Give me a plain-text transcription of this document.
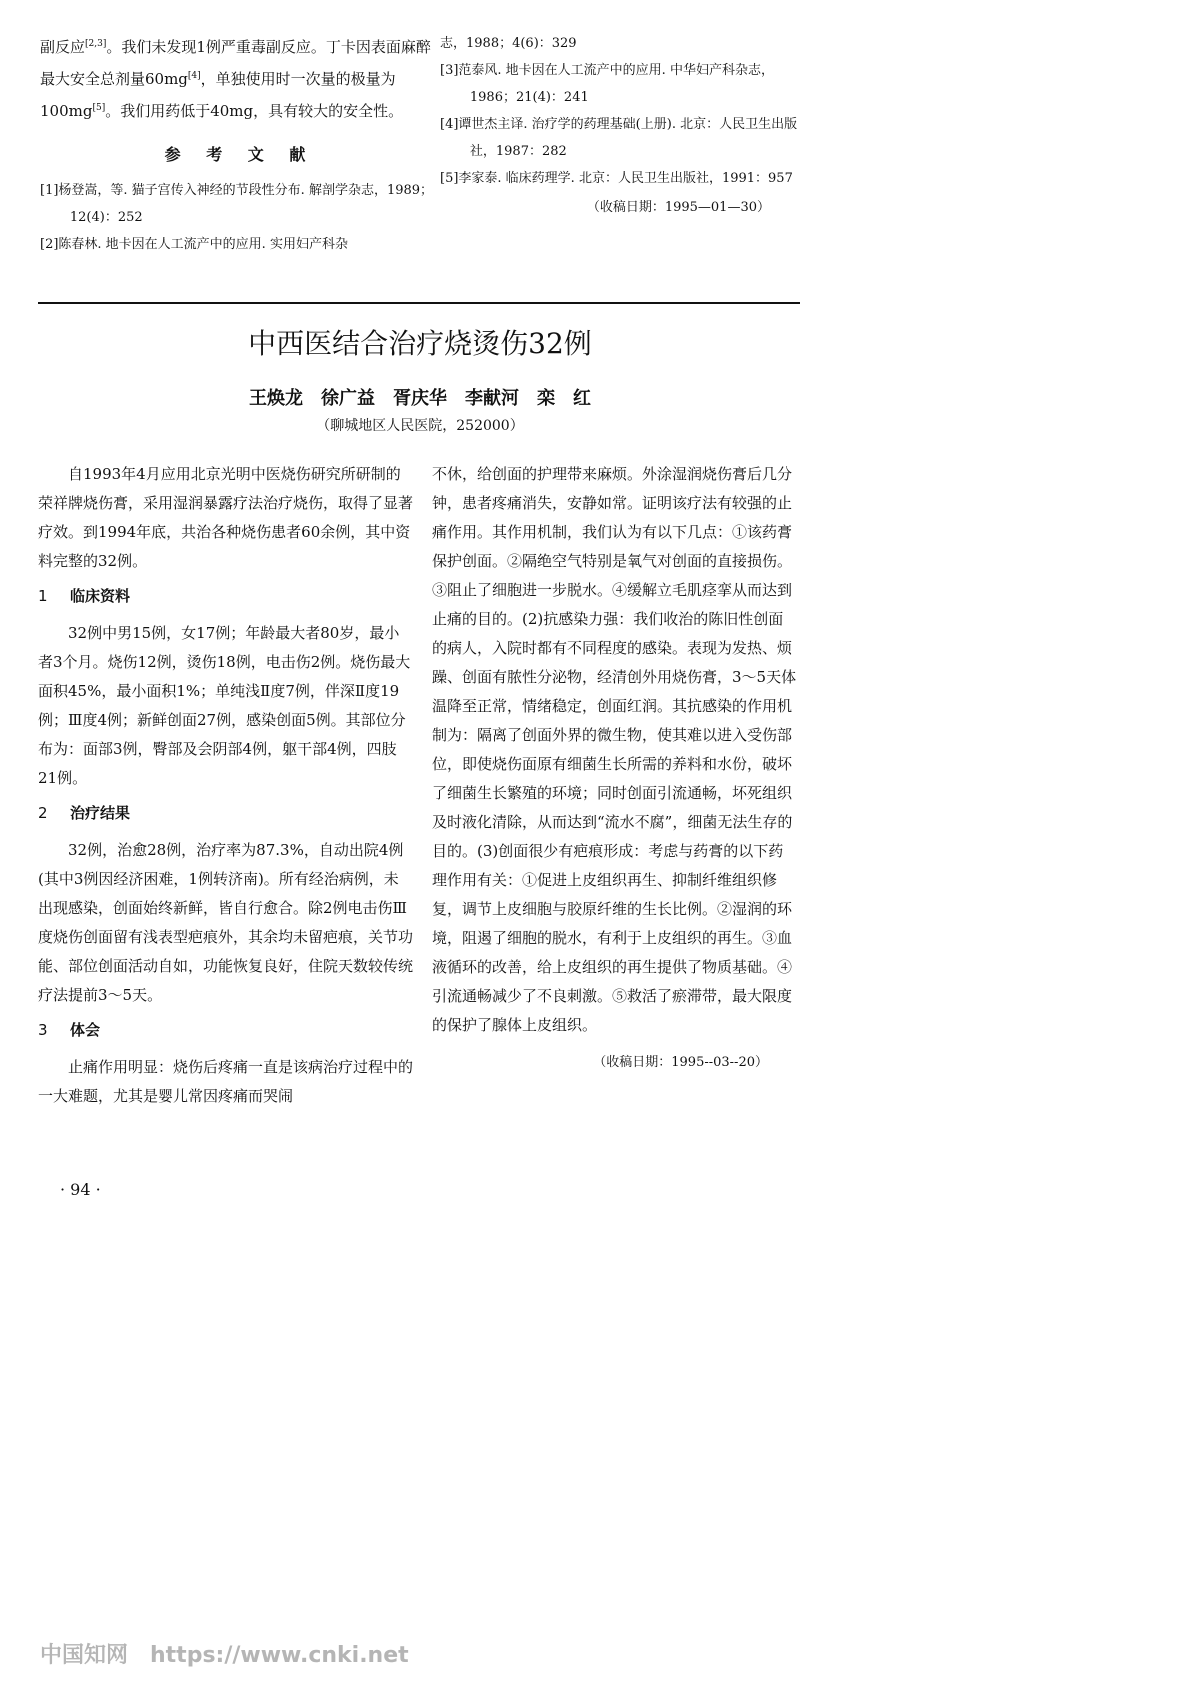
副反应[2,3]。我们未发现1例严重毒副反应。丁卡因表面麻醉最大安全总剂量60mg[4]，单独使用时一次量的极量为100mg[5]。我们用药低于40mg，具有较大的安全性。

参 考 文 献
[1]杨登嵩，等. 猫子宫传入神经的节段性分布. 解剖学杂志，1989；12(4)：252
[2]陈春林. 地卡因在人工流产中的应用. 实用妇产科杂
志，1988；4(6)：329
[3]范泰风. 地卡因在人工流产中的应用. 中华妇产科杂志，1986；21(4)：241
[4]谭世杰主译. 治疗学的药理基础(上册). 北京：人民卫生出版社，1987：282
[5]李家泰. 临床药理学. 北京：人民卫生出版社，1991：957
（收稿日期：1995—01—30）
中西医结合治疗烧烫伤32例
王焕龙　徐广益　胥庆华　李献河　栾　红
（聊城地区人民医院，252000）

自1993年4月应用北京光明中医烧伤研究所研制的荣祥牌烧伤膏，采用湿润暴露疗法治疗烧伤，取得了显著疗效。到1994年底，共治各种烧伤患者60余例，其中资料完整的32例。

1 临床资料

32例中男15例，女17例；年龄最大者80岁，最小者3个月。烧伤12例，烫伤18例，电击伤2例。烧伤最大面积45%，最小面积1%；单纯浅Ⅱ度7例，伴深Ⅱ度19例；Ⅲ度4例；新鲜创面27例，感染创面5例。其部位分布为：面部3例，臀部及会阴部4例，躯干部4例，四肢21例。

2 治疗结果

32例，治愈28例，治疗率为87.3%，自动出院4例(其中3例因经济困难，1例转济南)。所有经治病例，未出现感染，创面始终新鲜，皆自行愈合。除2例电击伤Ⅲ度烧伤创面留有浅表型疤痕外，其余均未留疤痕，关节功能、部位创面活动自如，功能恢复良好，住院天数较传统疗法提前3～5天。

3 体会

止痛作用明显：烧伤后疼痛一直是该病治疗过程中的一大难题，尤其是婴儿常因疼痛而哭闹

不休，给创面的护理带来麻烦。外涂湿润烧伤膏后几分钟，患者疼痛消失，安静如常。证明该疗法有较强的止痛作用。其作用机制，我们认为有以下几点：①该药膏保护创面。②隔绝空气特别是氧气对创面的直接损伤。③阻止了细胞进一步脱水。④缓解立毛肌痉挛从而达到止痛的目的。(2)抗感染力强：我们收治的陈旧性创面的病人，入院时都有不同程度的感染。表现为发热、烦躁、创面有脓性分泌物，经清创外用烧伤膏，3～5天体温降至正常，情绪稳定，创面红润。其抗感染的作用机制为：隔离了创面外界的微生物，使其难以进入受伤部位，即使烧伤面原有细菌生长所需的养料和水份，破坏了细菌生长繁殖的环境；同时创面引流通畅，坏死组织及时液化清除，从而达到“流水不腐”，细菌无法生存的目的。(3)创面很少有疤痕形成：考虑与药膏的以下药理作用有关：①促进上皮组织再生、抑制纤维组织修复，调节上皮细胞与胶原纤维的生长比例。②湿润的环境，阻遏了细胞的脱水，有利于上皮组织的再生。③血液循环的改善，给上皮组织的再生提供了物质基础。④引流通畅减少了不良刺激。⑤救活了瘀滞带，最大限度的保护了腺体上皮组织。

（收稿日期：1995--03--20）
· 94 ·
中国知网　https://www.cnki.net
